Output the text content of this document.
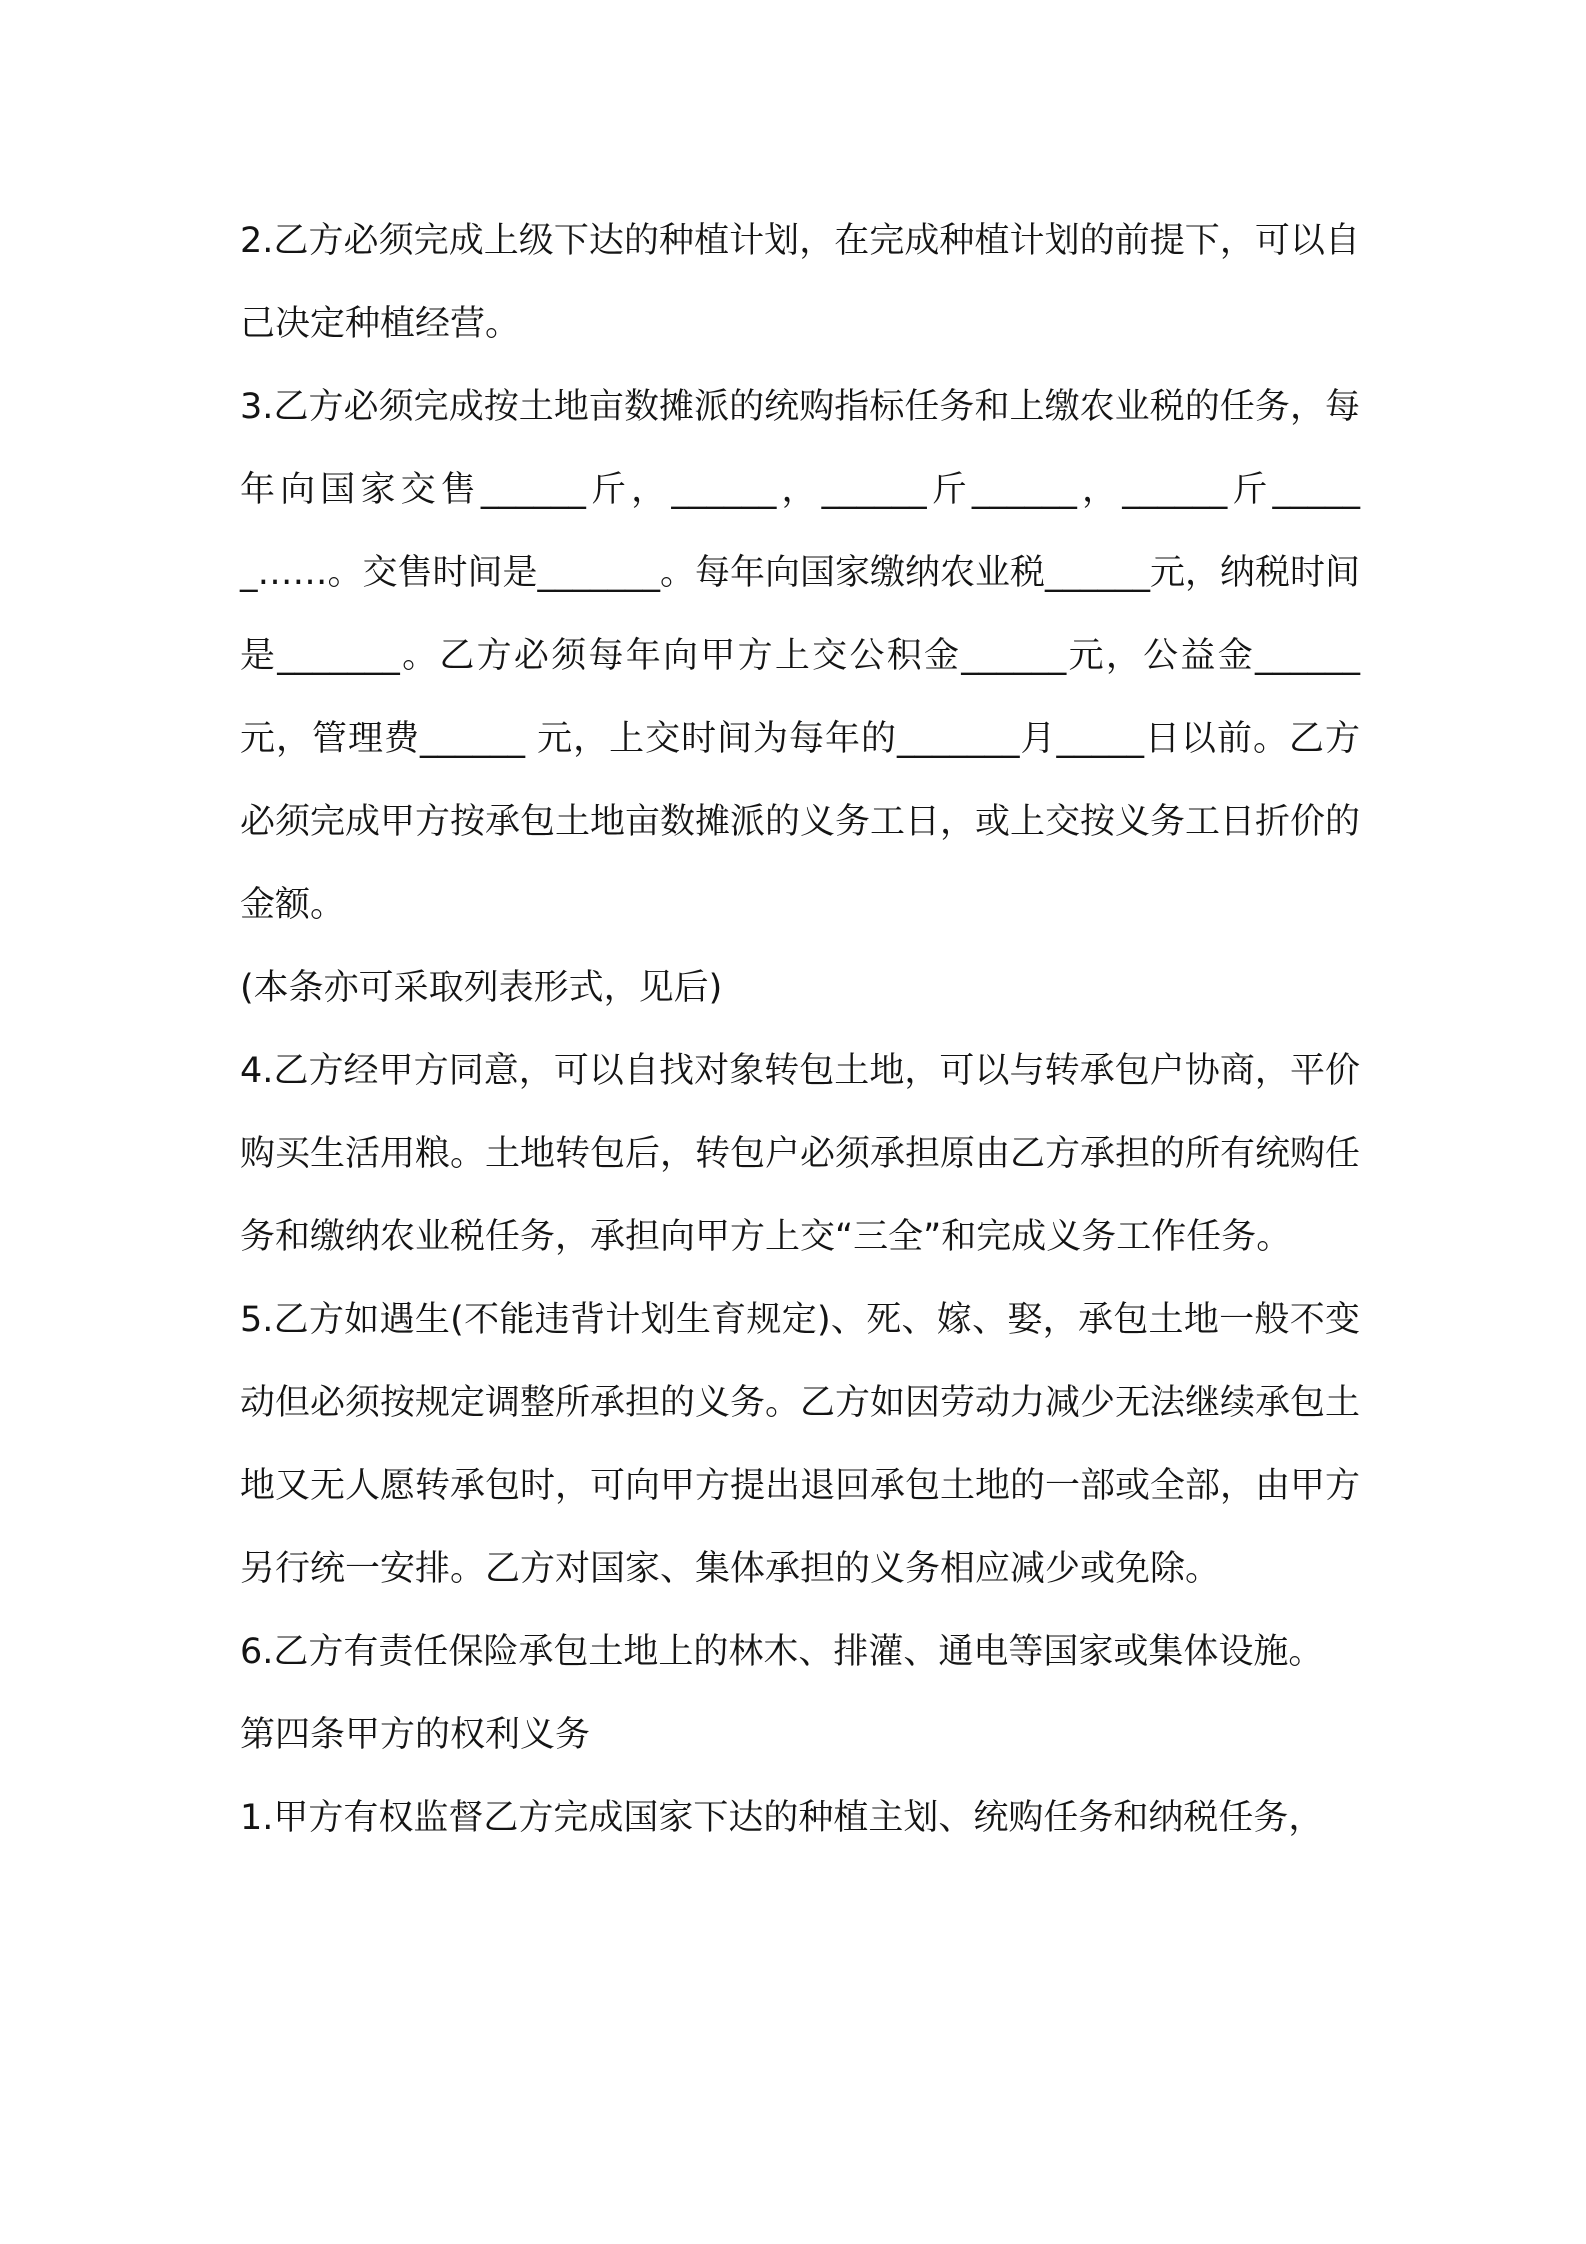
2.乙方必须完成上级下达的种植计划，在完成种植计划的前提下，可以自己决定种植经营。

3.乙方必须完成按土地亩数摊派的统购指标任务和上缴农业税的任务，每年向国家交售______斤，______，______斤______，______斤______……。交售时间是_______。每年向国家缴纳农业税______元，纳税时间是_______。乙方必须每年向甲方上交公积金______元，公益金______ 元，管理费______ 元，上交时间为每年的_______月_____日以前。乙方必须完成甲方按承包土地亩数摊派的义务工日，或上交按义务工日折价的金额。

(本条亦可采取列表形式，见后)

4.乙方经甲方同意，可以自找对象转包土地，可以与转承包户协商，平价购买生活用粮。土地转包后，转包户必须承担原由乙方承担的所有统购任务和缴纳农业税任务，承担向甲方上交“三全”和完成义务工作任务。

5.乙方如遇生(不能违背计划生育规定)、死、嫁、娶，承包土地一般不变动但必须按规定调整所承担的义务。乙方如因劳动力减少无法继续承包土地又无人愿转承包时，可向甲方提出退回承包土地的一部或全部，由甲方另行统一安排。乙方对国家、集体承担的义务相应减少或免除。

6.乙方有责任保险承包土地上的林木、排灌、通电等国家或集体设施。

第四条甲方的权利义务

1.甲方有权监督乙方完成国家下达的种植主划、统购任务和纳税任务，
